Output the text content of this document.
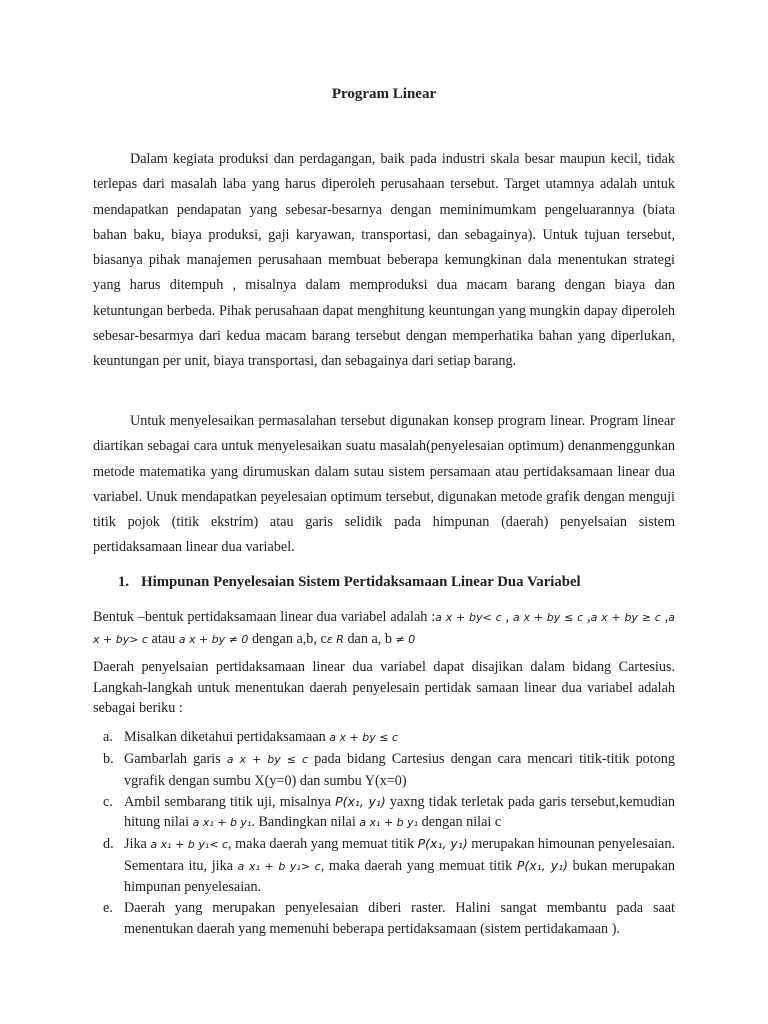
Program Linear

Dalam kegiata produksi dan perdagangan, baik pada industri skala besar maupun kecil, tidak terlepas dari masalah laba yang harus diperoleh perusahaan tersebut. Target utamnya adalah untuk mendapatkan pendapatan yang sebesar-besarnya dengan meminimumkam pengeluarannya (biata bahan baku, biaya produksi, gaji karyawan, transportasi, dan sebagainya). Untuk tujuan tersebut, biasanya pihak manajemen perusahaan membuat beberapa kemungkinan dala menentukan strategi yang harus ditempuh , misalnya dalam memproduksi dua macam barang dengan biaya dan ketuntungan berbeda. Pihak perusahaan dapat menghitung keuntungan yang mungkin dapay diperoleh sebesar-besarmya dari kedua macam barang tersebut dengan memperhatika bahan yang diperlukan, keuntungan per unit, biaya transportasi, dan sebagainya dari setiap barang.

Untuk menyelesaikan permasalahan tersebut digunakan konsep program linear. Program linear diartikan sebagai cara untuk menyelesaikan suatu masalah(penyelesaian optimum) denanmenggunkan metode matematika yang dirumuskan dalam sutau sistem persamaan atau pertidaksamaan linear dua variabel. Unuk mendapatkan peyelesaian optimum tersebut, digunakan metode grafik dengan menguji titik pojok (titik ekstrim) atau garis selidik pada himpunan (daerah) penyelsaian sistem pertidaksamaan linear dua variabel.

1. Himpunan Penyelesaian Sistem Pertidaksamaan Linear Dua Variabel

Bentuk –bentuk pertidaksamaan linear dua variabel adalah :a x + by< c , a x + by ≤ c ,a x + by ≥ c ,a x + by> c atau a x + by ≠ 0 dengan a,b, cε R dan a, b ≠ 0

Daerah penyelsaian pertidaksamaan linear dua variabel dapat disajikan dalam bidang Cartesius. Langkah-langkah untuk menentukan daerah penyelesain pertidak samaan linear dua variabel adalah sebagai beriku :

a. Misalkan diketahui pertidaksamaan a x + by ≤ c
b. Gambarlah garis a x + by ≤ c pada bidang Cartesius dengan cara mencari titik-titik potong vgrafik dengan sumbu X(y=0) dan sumbu Y(x=0)
c. Ambil sembarang titik uji, misalnya P(x₁, y₁) yaxng tidak terletak pada garis tersebut,kemudian hitung nilai a x₁ + b y₁. Bandingkan nilai a x₁ + b y₁ dengan nilai c
d. Jika a x₁ + b y₁< c, maka daerah yang memuat titik P(x₁, y₁) merupakan himounan penyelesaian. Sementara itu, jika a x₁ + b y₁> c, maka daerah yang memuat titik P(x₁, y₁) bukan merupakan himpunan penyelesaian.
e. Daerah yang merupakan penyelesaian diberi raster. Halini sangat membantu pada saat menentukan daerah yang memenuhi beberapa pertidaksamaan (sistem pertidakamaan ).
